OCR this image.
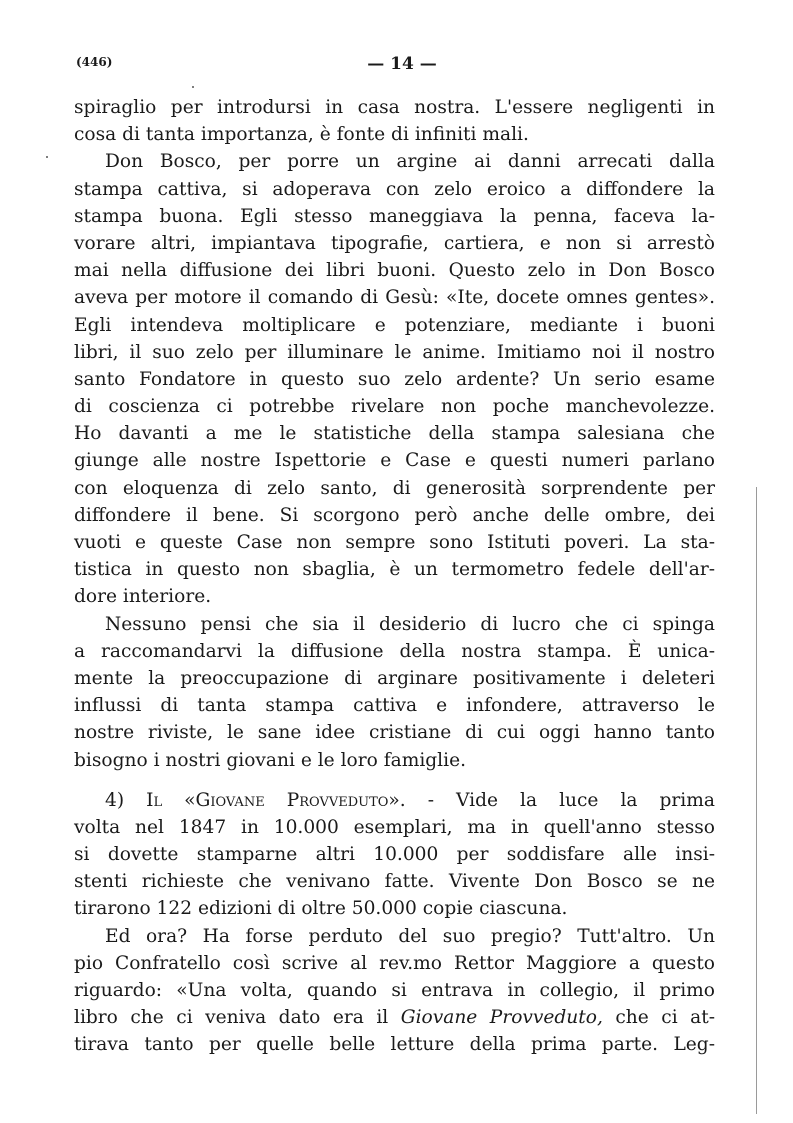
(446)	— 14 —
spiraglio per introdursi in casa nostra. L'essere negligenti in
cosa di tanta importanza, è fonte di infiniti mali.
Don Bosco, per porre un argine ai danni arrecati dalla
stampa cattiva, si adoperava con zelo eroico a diffondere la
stampa buona. Egli stesso maneggiava la penna, faceva la-
vorare altri, impiantava tipografie, cartiera, e non si arrestò
mai nella diffusione dei libri buoni. Questo zelo in Don Bosco
aveva per motore il comando di Gesù: «Ite, docete omnes gentes».
Egli intendeva moltiplicare e potenziare, mediante i buoni
libri, il suo zelo per illuminare le anime. Imitiamo noi il nostro
santo Fondatore in questo suo zelo ardente? Un serio esame
di coscienza ci potrebbe rivelare non poche manchevolezze.
Ho davanti a me le statistiche della stampa salesiana che
giunge alle nostre Ispettorie e Case e questi numeri parlano
con eloquenza di zelo santo, di generosità sorprendente per
diffondere il bene. Si scorgono però anche delle ombre, dei
vuoti e queste Case non sempre sono Istituti poveri. La sta-
tistica in questo non sbaglia, è un termometro fedele dell'ar-
dore interiore.
Nessuno pensi che sia il desiderio di lucro che ci spinga
a raccomandarvi la diffusione della nostra stampa. È unica-
mente la preoccupazione di arginare positivamente i deleteri
influssi di tanta stampa cattiva e infondere, attraverso le
nostre riviste, le sane idee cristiane di cui oggi hanno tanto
bisogno i nostri giovani e le loro famiglie.
4) Il «Giovane Provveduto». - Vide la luce la prima
volta nel 1847 in 10.000 esemplari, ma in quell'anno stesso
si dovette stamparne altri 10.000 per soddisfare alle insi-
stenti richieste che venivano fatte. Vivente Don Bosco se ne
tirarono 122 edizioni di oltre 50.000 copie ciascuna.
Ed ora? Ha forse perduto del suo pregio? Tutt'altro. Un
pio Confratello così scrive al rev.mo Rettor Maggiore a questo
riguardo: «Una volta, quando si entrava in collegio, il primo
libro che ci veniva dato era il Giovane Provveduto, che ci at-
tirava tanto per quelle belle letture della prima parte. Leg-
